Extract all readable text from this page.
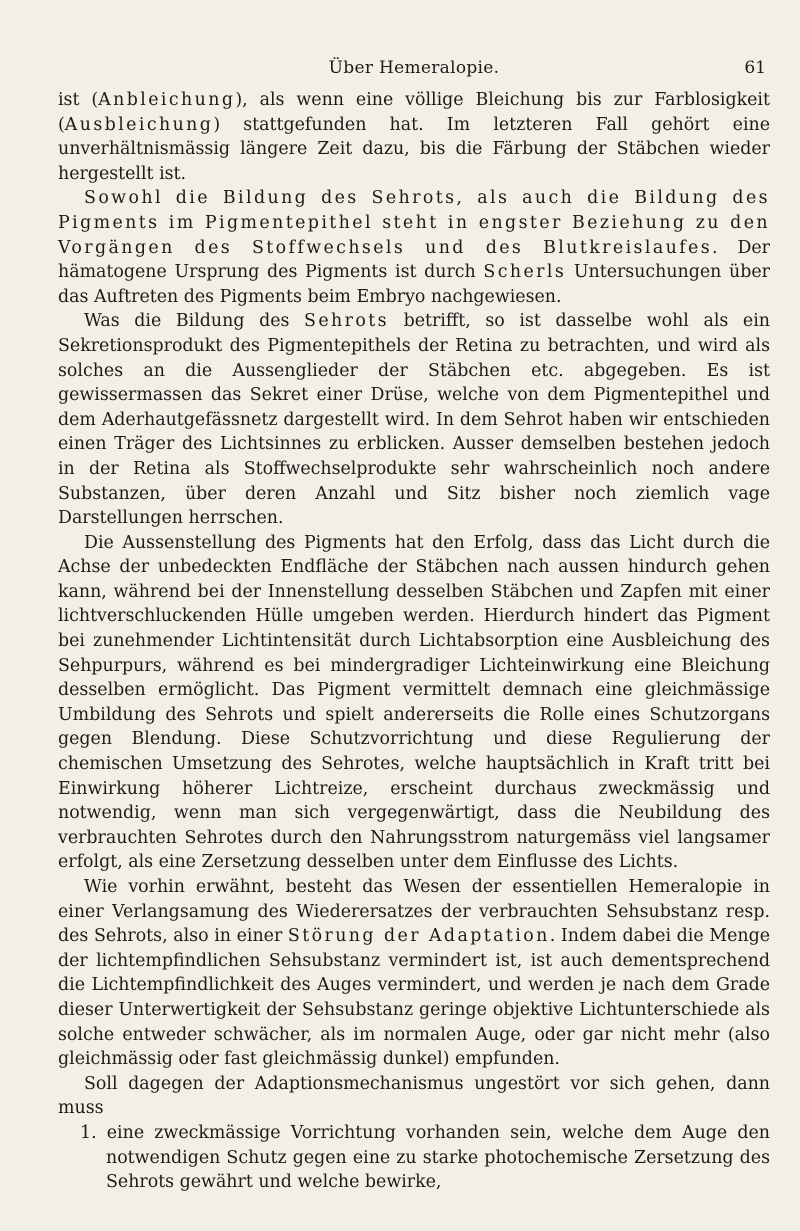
Über Hemeralopie.	61

ist (Anbleichung), als wenn eine völlige Bleichung bis zur Farblosigkeit (Ausbleichung) stattgefunden hat. Im letzteren Fall gehört eine unverhältnismässig längere Zeit dazu, bis die Färbung der Stäbchen wieder hergestellt ist.

Sowohl die Bildung des Sehrots, als auch die Bildung des Pigments im Pigmentepithel steht in engster Beziehung zu den Vorgängen des Stoffwechsels und des Blutkreislaufes. Der hämatogene Ursprung des Pigments ist durch Scherls Untersuchungen über das Auftreten des Pigments beim Embryo nachgewiesen.

Was die Bildung des Sehrots betrifft, so ist dasselbe wohl als ein Sekretionsprodukt des Pigmentepithels der Retina zu betrachten, und wird als solches an die Aussenglieder der Stäbchen etc. abgegeben. Es ist gewissermassen das Sekret einer Drüse, welche von dem Pigmentepithel und dem Aderhautgefässnetz dargestellt wird. In dem Sehrot haben wir entschieden einen Träger des Lichtsinnes zu erblicken. Ausser demselben bestehen jedoch in der Retina als Stoffwechselprodukte sehr wahrscheinlich noch andere Substanzen, über deren Anzahl und Sitz bisher noch ziemlich vage Darstellungen herrschen.

Die Aussenstellung des Pigments hat den Erfolg, dass das Licht durch die Achse der unbedeckten Endfläche der Stäbchen nach aussen hindurch gehen kann, während bei der Innenstellung desselben Stäbchen und Zapfen mit einer lichtverschluckenden Hülle umgeben werden. Hierdurch hindert das Pigment bei zunehmender Lichtintensität durch Lichtabsorption eine Ausbleichung des Sehpurpurs, während es bei mindergradiger Lichteinwirkung eine Bleichung desselben ermöglicht. Das Pigment vermittelt demnach eine gleichmässige Umbildung des Sehrots und spielt andererseits die Rolle eines Schutzorgans gegen Blendung. Diese Schutzvorrichtung und diese Regulierung der chemischen Umsetzung des Sehrotes, welche hauptsächlich in Kraft tritt bei Einwirkung höherer Lichtreize, erscheint durchaus zweckmässig und notwendig, wenn man sich vergegenwärtigt, dass die Neubildung des verbrauchten Sehrotes durch den Nahrungsstrom naturgemäss viel langsamer erfolgt, als eine Zersetzung desselben unter dem Einflusse des Lichts.

Wie vorhin erwähnt, besteht das Wesen der essentiellen Hemeralopie in einer Verlangsamung des Wiederersatzes der verbrauchten Sehsubstanz resp. des Sehrots, also in einer Störung der Adaptation. Indem dabei die Menge der lichtempfindlichen Sehsubstanz vermindert ist, ist auch dementsprechend die Lichtempfindlichkeit des Auges vermindert, und werden je nach dem Grade dieser Unterwertigkeit der Sehsubstanz geringe objektive Lichtunterschiede als solche entweder schwächer, als im normalen Auge, oder gar nicht mehr (also gleichmässig oder fast gleichmässig dunkel) empfunden.

Soll dagegen der Adaptionsmechanismus ungestört vor sich gehen, dann muss

1. eine zweckmässige Vorrichtung vorhanden sein, welche dem Auge den notwendigen Schutz gegen eine zu starke photochemische Zersetzung des Sehrots gewährt und welche bewirke,
